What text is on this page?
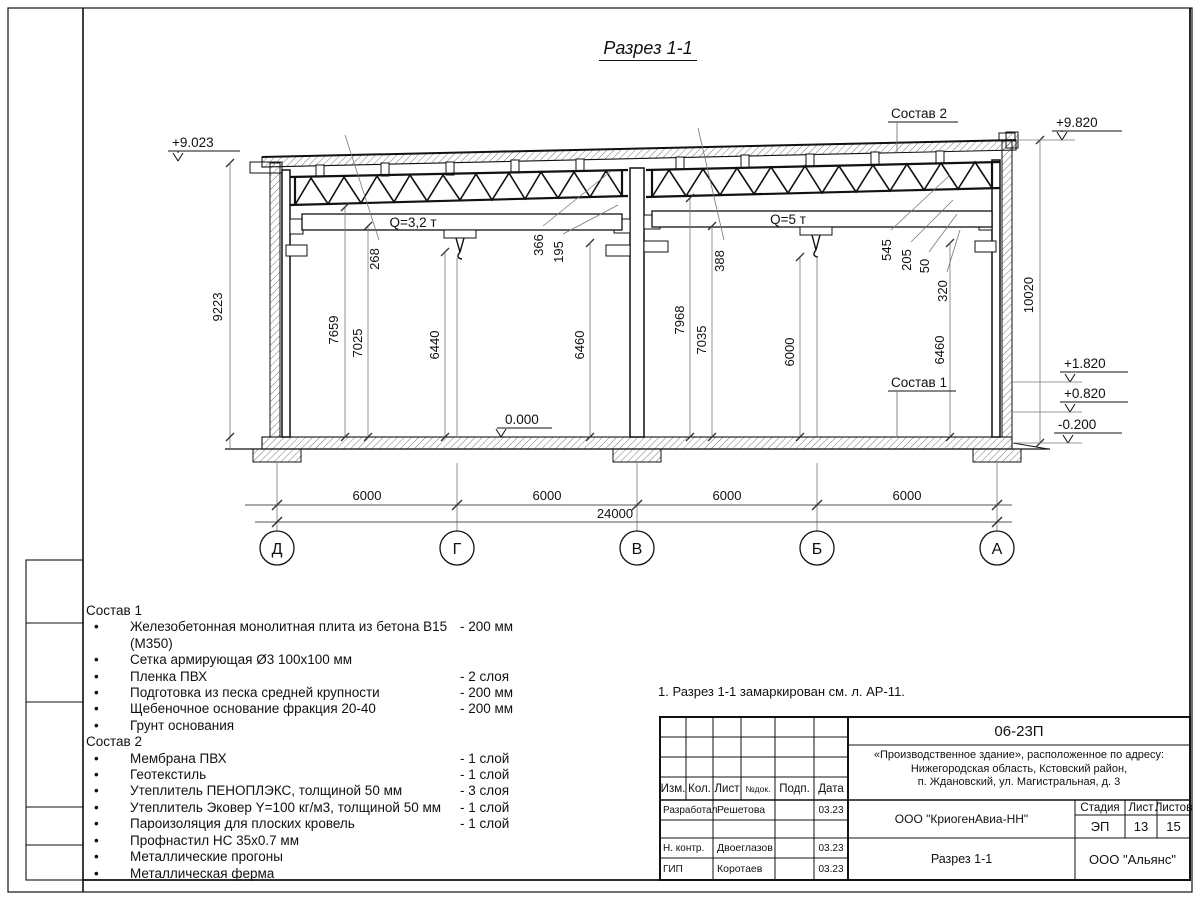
Q=3,2 т	Q=5 т
9223
7659 7025	6440	6460
7968
7035	6000	6460
10020
268
366 195	388
545 205 50
320
+9.023
+9.820
0.000
+1.820
+0.820
-0.200
Состав 2
Состав 1
6000	6000	6000	6000
24000
Д	Г	В	Б	А
Разрез 1-1
Состав 1
•	Железобетонная монолитная плита из бетона В15 (М350)
- 200 мм
•	Сетка армирующая Ø3 100х100 мм
•	Пленка ПВХ	- 2 слоя
•	Подготовка из песка средней крупности	- 200 мм
•	Щебеночное основание фракция 20-40	- 200 мм
•	Грунт основания
Состав 2
•	Мембрана ПВХ	- 1 слой
•	Геотекстиль	- 1 слой
•	Утеплитель ПЕНОПЛЭКС, толщиной 50 мм	- 3 слоя
•	Утеплитель Эковер Y=100 кг/м3, толщиной 50 мм	- 1 слой
•	Пароизоляция для плоских кровель	- 1 слой
•	Профнастил НС 35х0.7 мм
•	Металлические прогоны
•	Металлическая ферма
1. Разрез 1-1 замаркирован см. л. АР-11.
Изм. Кол. Лист №док. Подп. Дата
Разработал Решетова	03.23
Н. контр.	Двоеглазов	03.23
ГИП	Коротаев	03.23
06-23П
«Производственное здание», расположенное по адресу:
Нижегородская область, Кстовский район,
п. Ждановский, ул. Магистральная, д. 3
ООО "КриогенАвиа-НН"
Стадия Лист Листов
ЭП	13	15
Разрез 1-1	ООО "Альянс"
